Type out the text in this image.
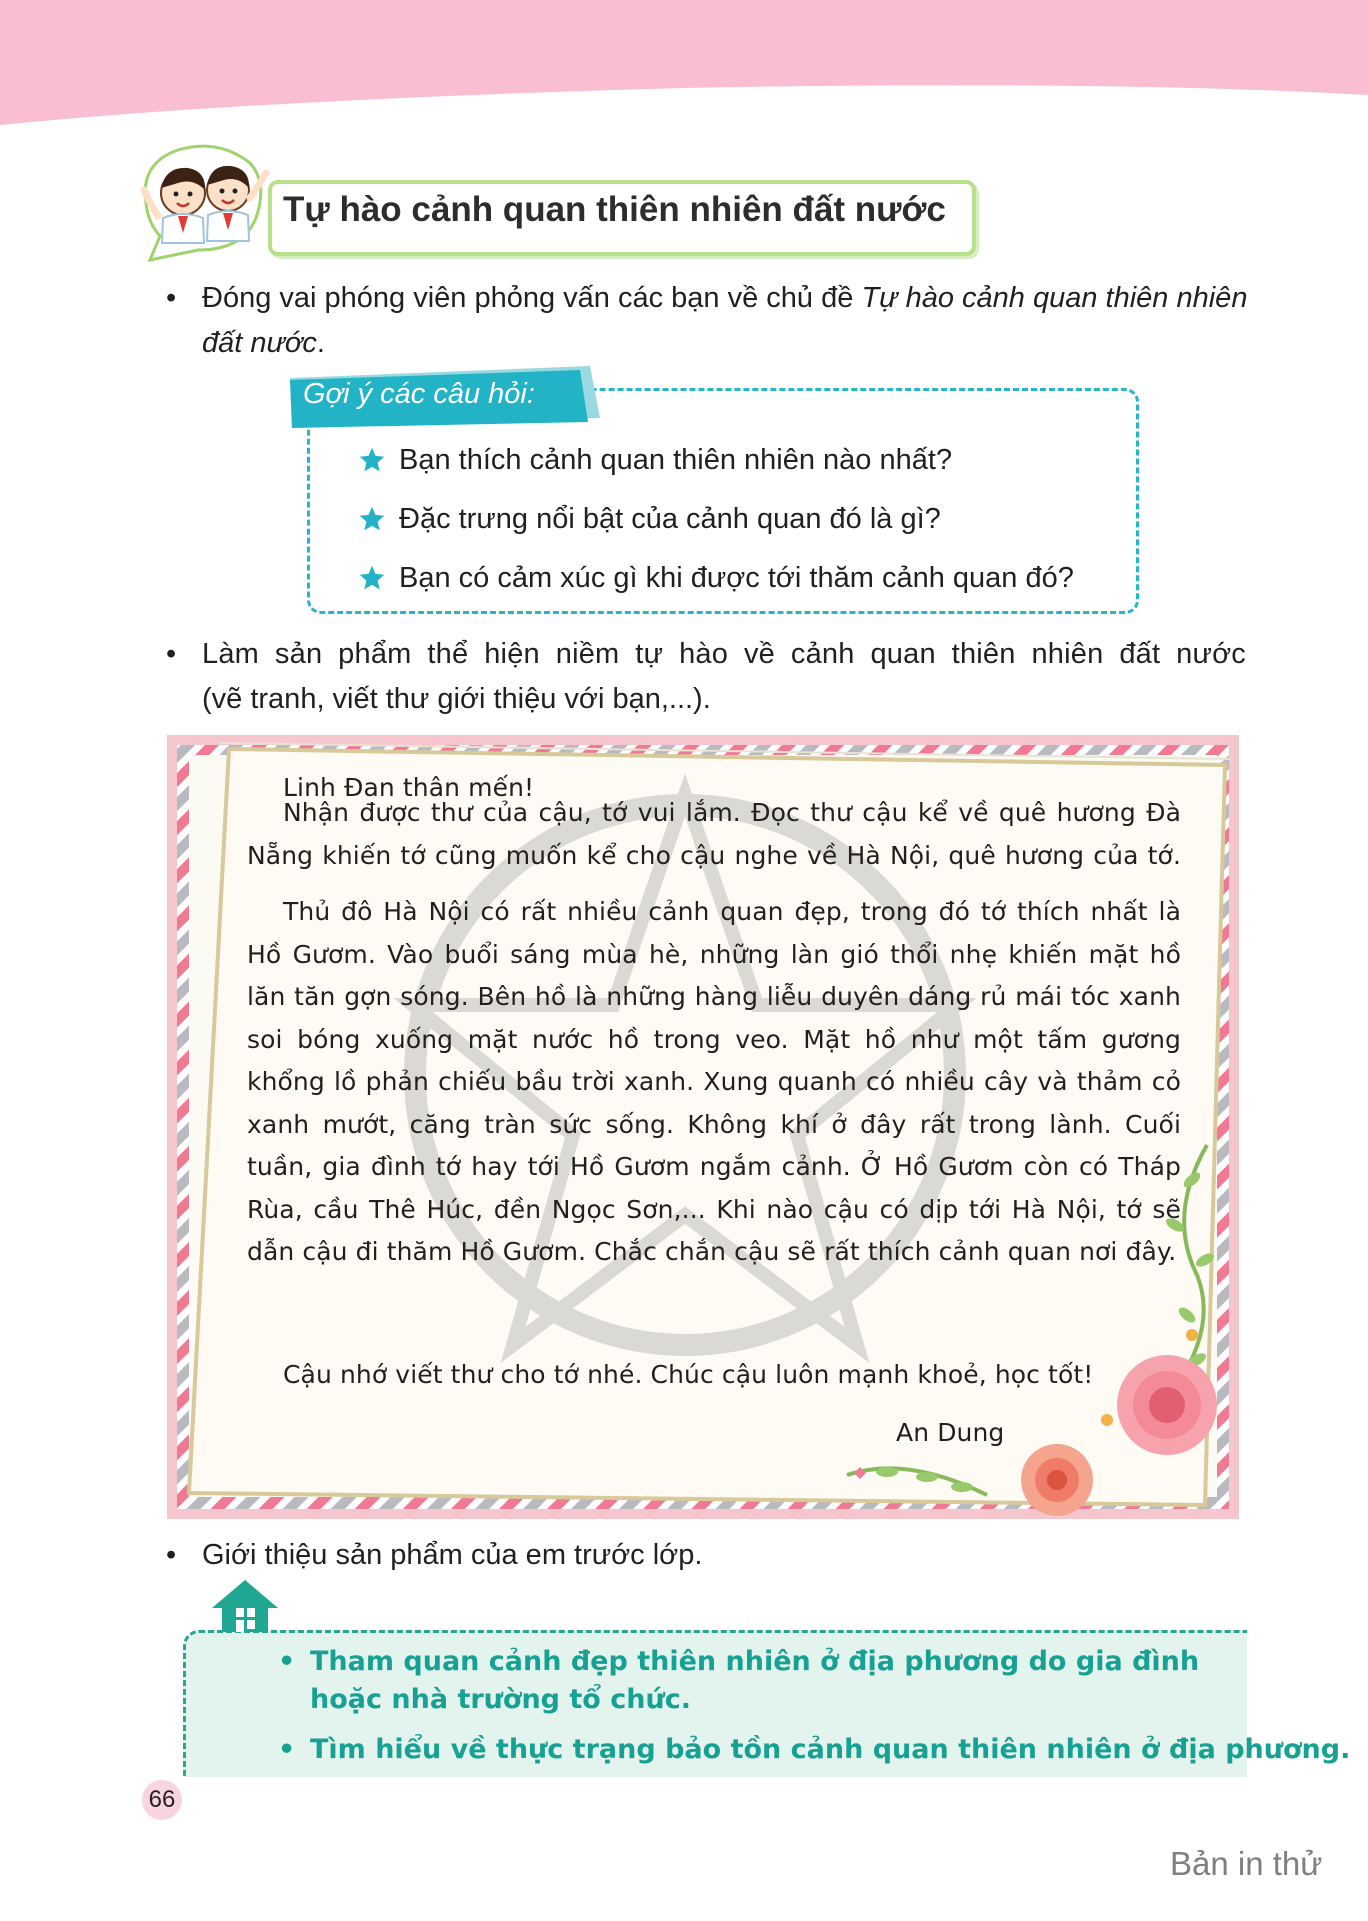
Tự hào cảnh quan thiên nhiên đất nước
• Đóng vai phóng viên phỏng vấn các bạn về chủ đề Tự hào cảnh quan thiên nhiên đất nước.
Gợi ý các câu hỏi:
Bạn thích cảnh quan thiên nhiên nào nhất?
Đặc trưng nổi bật của cảnh quan đó là gì?
Bạn có cảm xúc gì khi được tới thăm cảnh quan đó?
• Làm sản phẩm thể hiện niềm tự hào về cảnh quan thiên nhiên đất nước
(vẽ tranh, viết thư giới thiệu với bạn,...).
Linh Đan thân mến!

Nhận được thư của cậu, tớ vui lắm. Đọc thư cậu kể về quê hương Đà Nẵng khiến tớ cũng muốn kể cho cậu nghe về Hà Nội, quê hương của tớ.

Thủ đô Hà Nội có rất nhiều cảnh quan đẹp, trong đó tớ thích nhất là Hồ Gươm. Vào buổi sáng mùa hè, những làn gió thổi nhẹ khiến mặt hồ lăn tăn gợn sóng. Bên hồ là những hàng liễu duyên dáng rủ mái tóc xanh soi bóng xuống mặt nước hồ trong veo. Mặt hồ như một tấm gương khổng lồ phản chiếu bầu trời xanh. Xung quanh có nhiều cây và thảm cỏ xanh mướt, căng tràn sức sống. Không khí ở đây rất trong lành. Cuối tuần, gia đình tớ hay tới Hồ Gươm ngắm cảnh. Ở Hồ Gươm còn có Tháp Rùa, cầu Thê Húc, đền Ngọc Sơn,... Khi nào cậu có dịp tới Hà Nội, tớ sẽ dẫn cậu đi thăm Hồ Gươm. Chắc chắn cậu sẽ rất thích cảnh quan nơi đây.

Cậu nhớ viết thư cho tớ nhé. Chúc cậu luôn mạnh khoẻ, học tốt!
An Dung
• Giới thiệu sản phẩm của em trước lớp.
• Tham quan cảnh đẹp thiên nhiên ở địa phương do gia đình hoặc nhà trường tổ chức.
• Tìm hiểu về thực trạng bảo tồn cảnh quan thiên nhiên ở địa phương.
66
Bản in thử
